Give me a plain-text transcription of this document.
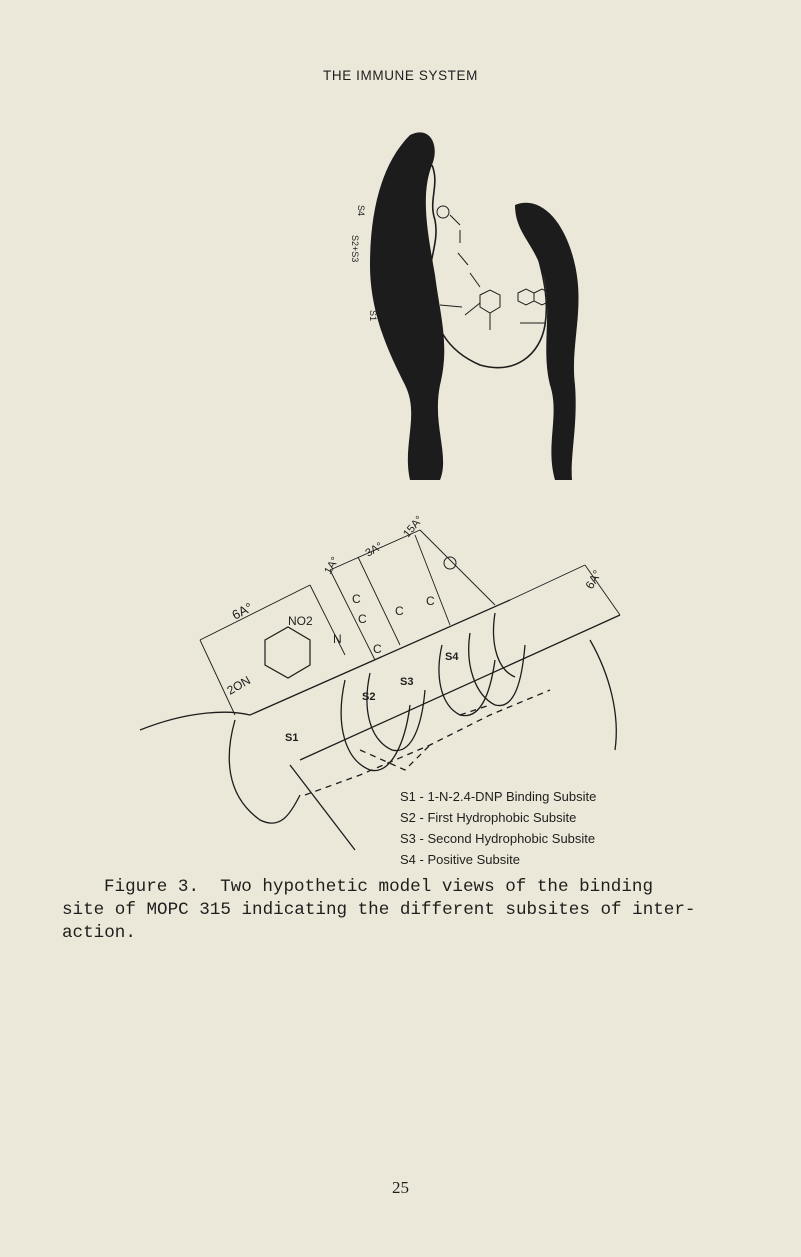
THE IMMUNE SYSTEM
S4
S2+S3
S1
1.5Å
3Å
1Å
6Å
6A°
1A°
3A°
15A°
6A°
S1
S2
S3
S4
NO2
2ON
N
C
C
C
C
C
S1 - 1-N-2.4-DNP Binding Subsite
S2 - First Hydrophobic Subsite
S3 - Second Hydrophobic Subsite
S4 - Positive Subsite
Figure 3.  Two hypothetic model views of the binding
site of MOPC 315 indicating the different subsites of inter-
action.
25
